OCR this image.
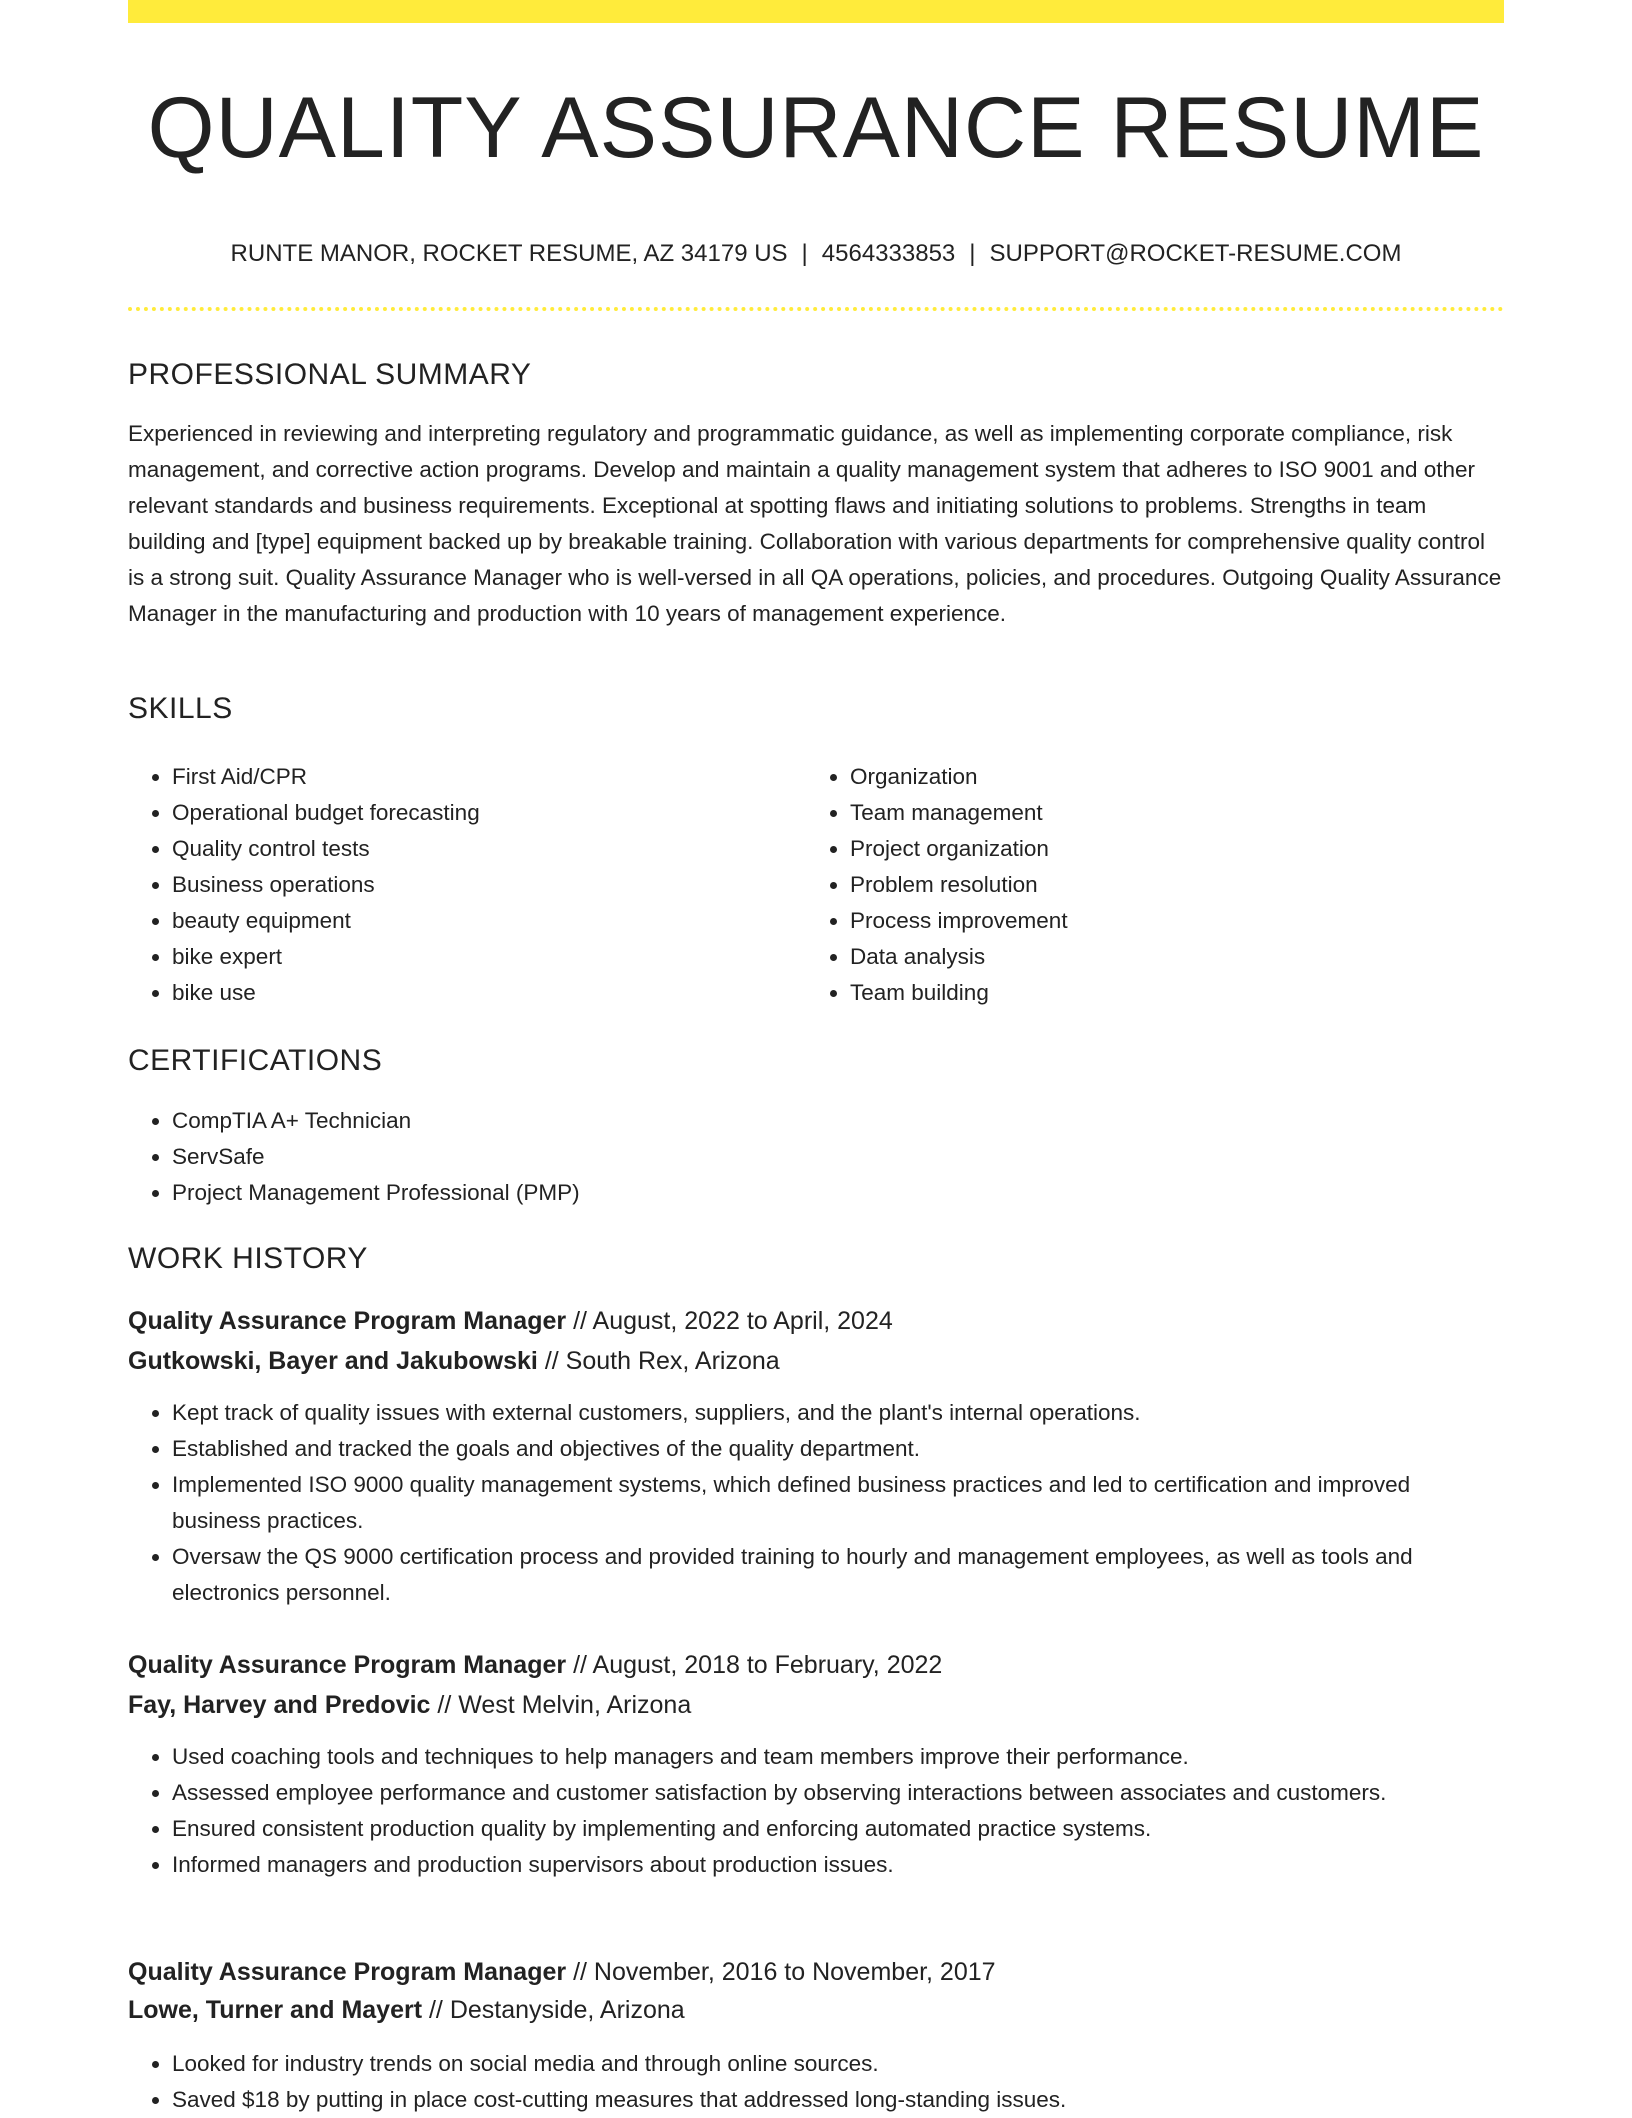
QUALITY ASSURANCE RESUME
RUNTE MANOR, ROCKET RESUME, AZ 34179 US | 4564333853 | SUPPORT@ROCKET-RESUME.COM
PROFESSIONAL SUMMARY

Experienced in reviewing and interpreting regulatory and programmatic guidance, as well as implementing corporate compliance, risk management, and corrective action programs. Develop and maintain a quality management system that adheres to ISO 9001 and other relevant standards and business requirements. Exceptional at spotting flaws and initiating solutions to problems. Strengths in team building and [type] equipment backed up by breakable training. Collaboration with various departments for comprehensive quality control is a strong suit. Quality Assurance Manager who is well-versed in all QA operations, policies, and procedures. Outgoing Quality Assurance Manager in the manufacturing and production with 10 years of management experience.

SKILLS
• First Aid/CPR
• Operational budget forecasting
• Quality control tests
• Business operations
• beauty equipment
• bike expert
• bike use
• Organization
• Team management
• Project organization
• Problem resolution
• Process improvement
• Data analysis
• Team building
CERTIFICATIONS
• CompTIA A+ Technician
• ServSafe
• Project Management Professional (PMP)
WORK HISTORY
Quality Assurance Program Manager // August, 2022 to April, 2024
Gutkowski, Bayer and Jakubowski // South Rex, Arizona
• Kept track of quality issues with external customers, suppliers, and the plant's internal operations.
• Established and tracked the goals and objectives of the quality department.
• Implemented ISO 9000 quality management systems, which defined business practices and led to certification and improved business practices.
• Oversaw the QS 9000 certification process and provided training to hourly and management employees, as well as tools and electronics personnel.
Quality Assurance Program Manager // August, 2018 to February, 2022
Fay, Harvey and Predovic // West Melvin, Arizona
• Used coaching tools and techniques to help managers and team members improve their performance.
• Assessed employee performance and customer satisfaction by observing interactions between associates and customers.
• Ensured consistent production quality by implementing and enforcing automated practice systems.
• Informed managers and production supervisors about production issues.
Quality Assurance Program Manager // November, 2016 to November, 2017
Lowe, Turner and Mayert // Destanyside, Arizona
• Looked for industry trends on social media and through online sources.
• Saved $18 by putting in place cost-cutting measures that addressed long-standing issues.
